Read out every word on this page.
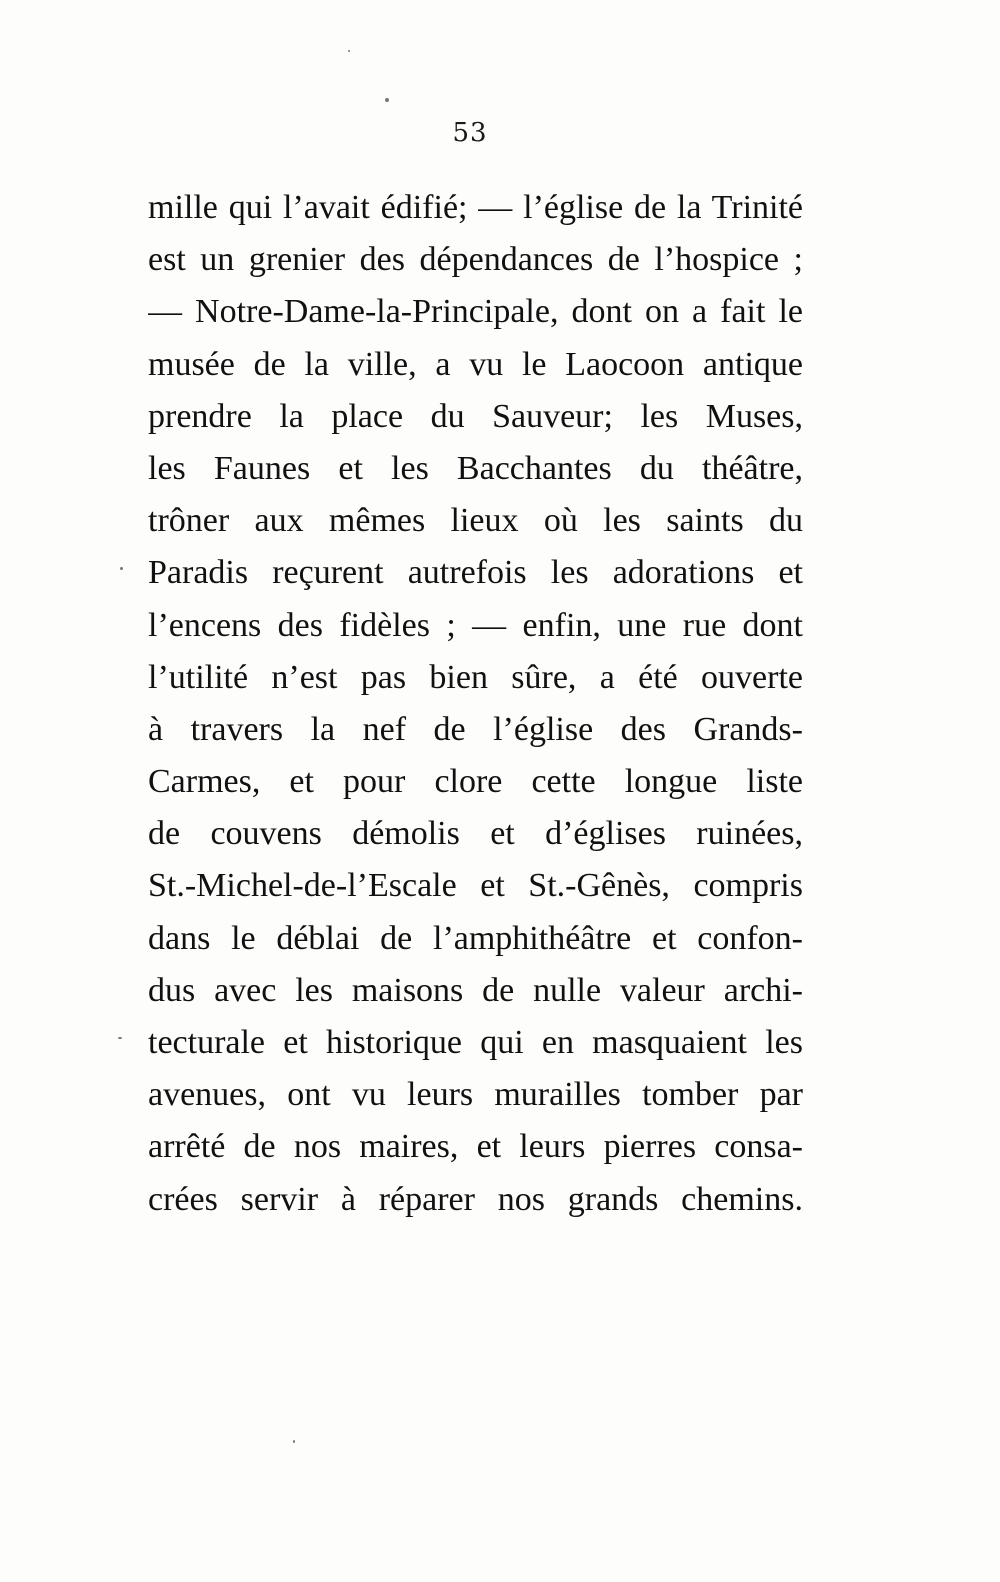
53
mille qui l’avait édifié; — l’église de la Trinité
est un grenier des dépendances de l’hospice ;
— Notre-Dame-la-Principale, dont on a fait le
musée de la ville, a vu le Laocoon antique
prendre la place du Sauveur; les Muses,
les Faunes et les Bacchantes du théâtre,
trôner aux mêmes lieux où les saints du
Paradis reçurent autrefois les adorations et
l’encens des fidèles ; — enfin, une rue dont
l’utilité n’est pas bien sûre, a été ouverte
à travers la nef de l’église des Grands-
Carmes, et pour clore cette longue liste
de couvens démolis et d’églises ruinées,
St.-Michel-de-l’Escale et St.-Gênès, compris
dans le déblai de l’amphithéâtre et confon-
dus avec les maisons de nulle valeur archi-
tecturale et historique qui en masquaient les
avenues, ont vu leurs murailles tomber par
arrêté de nos maires, et leurs pierres consa-
crées servir à réparer nos grands chemins.
